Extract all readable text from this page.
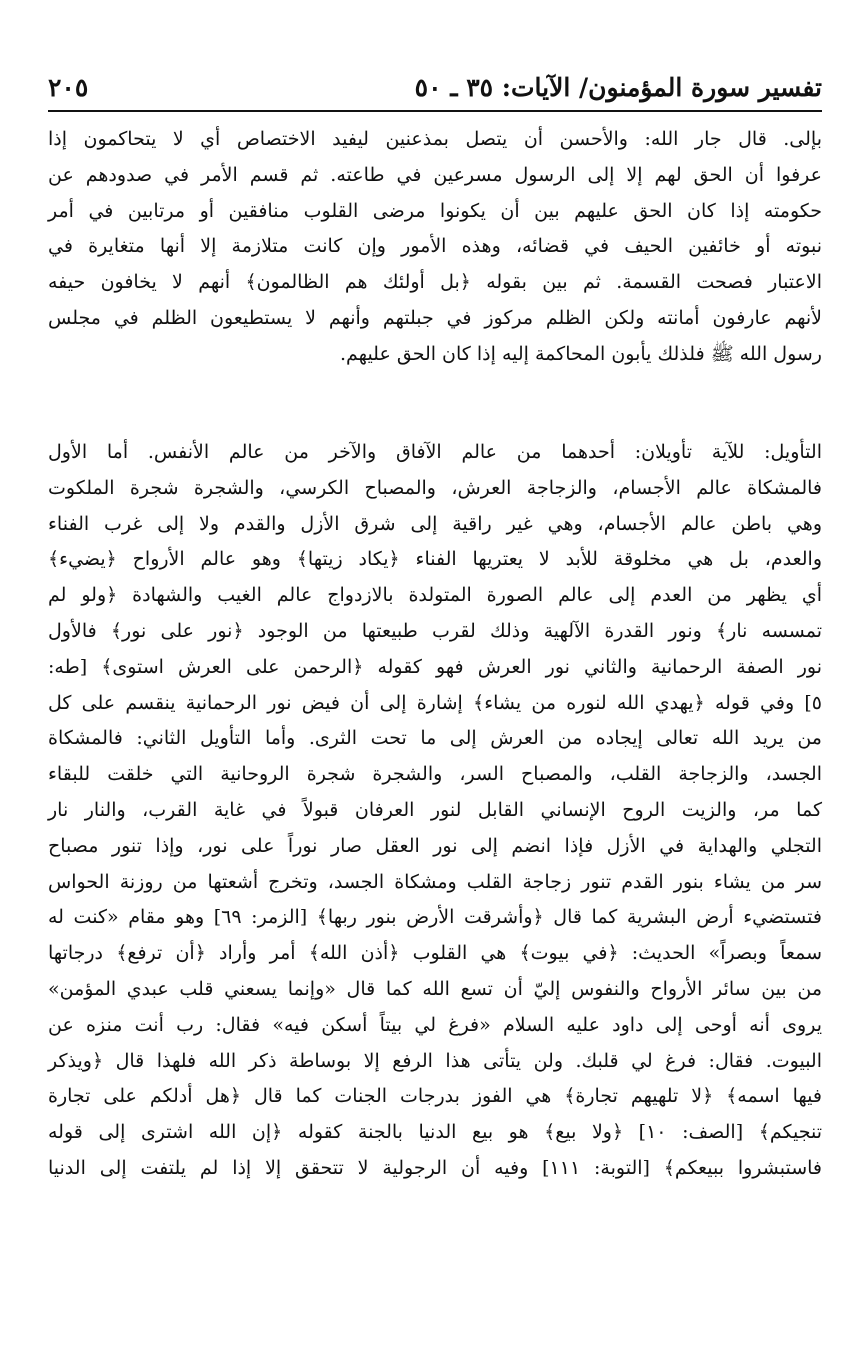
تفسير سورة المؤمنون/ الآيات: ٣٥ ـ ٥٠
٢٠٥
بإلى. قال جار الله: والأحسن أن يتصل بمذعنين ليفيد الاختصاص أي لا يتحاكمون إذا
عرفوا أن الحق لهم إلا إلى الرسول مسرعين في طاعته. ثم قسم الأمر في صدودهم عن
حكومته إذا كان الحق عليهم بين أن يكونوا مرضى القلوب منافقين أو مرتابين في أمر
نبوته أو خائفين الحيف في قضائه، وهذه الأمور وإن كانت متلازمة إلا أنها متغايرة في
الاعتبار فصحت القسمة. ثم بين بقوله ﴿بل أولئك هم الظالمون﴾ أنهم لا يخافون حيفه
لأنهم عارفون أمانته ولكن الظلم مركوز في جبلتهم وأنهم لا يستطيعون الظلم في مجلس
رسول الله ﷺ فلذلك يأبون المحاكمة إليه إذا كان الحق عليهم.
التأويل: للآية تأويلان: أحدهما من عالم الآفاق والآخر من عالم الأنفس. أما الأول
فالمشكاة عالم الأجسام، والزجاجة العرش، والمصباح الكرسي، والشجرة شجرة الملكوت
وهي باطن عالم الأجسام، وهي غير راقية إلى شرق الأزل والقدم ولا إلى غرب الفناء
والعدم، بل هي مخلوقة للأبد لا يعتريها الفناء ﴿يكاد زيتها﴾ وهو عالم الأرواح ﴿يضيء﴾
أي يظهر من العدم إلى عالم الصورة المتولدة بالازدواج عالم الغيب والشهادة ﴿ولو لم
تمسسه نار﴾ ونور القدرة الآلهية وذلك لقرب طبيعتها من الوجود ﴿نور على نور﴾ فالأول
نور الصفة الرحمانية والثاني نور العرش فهو كقوله ﴿الرحمن على العرش استوى﴾ [طه:
٥] وفي قوله ﴿يهدي الله لنوره من يشاء﴾ إشارة إلى أن فيض نور الرحمانية ينقسم على كل
من يريد الله تعالى إيجاده من العرش إلى ما تحت الثرى. وأما التأويل الثاني: فالمشكاة
الجسد، والزجاجة القلب، والمصباح السر، والشجرة شجرة الروحانية التي خلقت للبقاء
كما مر، والزيت الروح الإنساني القابل لنور العرفان قبولاً في غاية القرب، والنار نار
التجلي والهداية في الأزل فإذا انضم إلى نور العقل صار نوراً على نور، وإذا تنور مصباح
سر من يشاء بنور القدم تنور زجاجة القلب ومشكاة الجسد، وتخرج أشعتها من روزنة الحواس
فتستضيء أرض البشرية كما قال ﴿وأشرقت الأرض بنور ربها﴾ [الزمر: ٦٩] وهو مقام «كنت له
سمعاً وبصراً» الحديث: ﴿في بيوت﴾ هي القلوب ﴿أذن الله﴾ أمر وأراد ﴿أن ترفع﴾ درجاتها
من بين سائر الأرواح والنفوس إليّ أن تسع الله كما قال «وإنما يسعني قلب عبدي المؤمن»
يروى أنه أوحى إلى داود عليه السلام «فرغ لي بيتاً أسكن فيه» فقال: رب أنت منزه عن
البيوت. فقال: فرغ لي قلبك. ولن يتأتى هذا الرفع إلا بوساطة ذكر الله فلهذا قال ﴿ويذكر
فيها اسمه﴾ ﴿لا تلهيهم تجارة﴾ هي الفوز بدرجات الجنات كما قال ﴿هل أدلكم على تجارة
تنجيكم﴾ [الصف: ١٠] ﴿ولا بيع﴾ هو بيع الدنيا بالجنة كقوله ﴿إن الله اشترى إلى قوله
فاستبشروا ببيعكم﴾ [التوبة: ١١١] وفيه أن الرجولية لا تتحقق إلا إذا لم يلتفت إلى الدنيا
